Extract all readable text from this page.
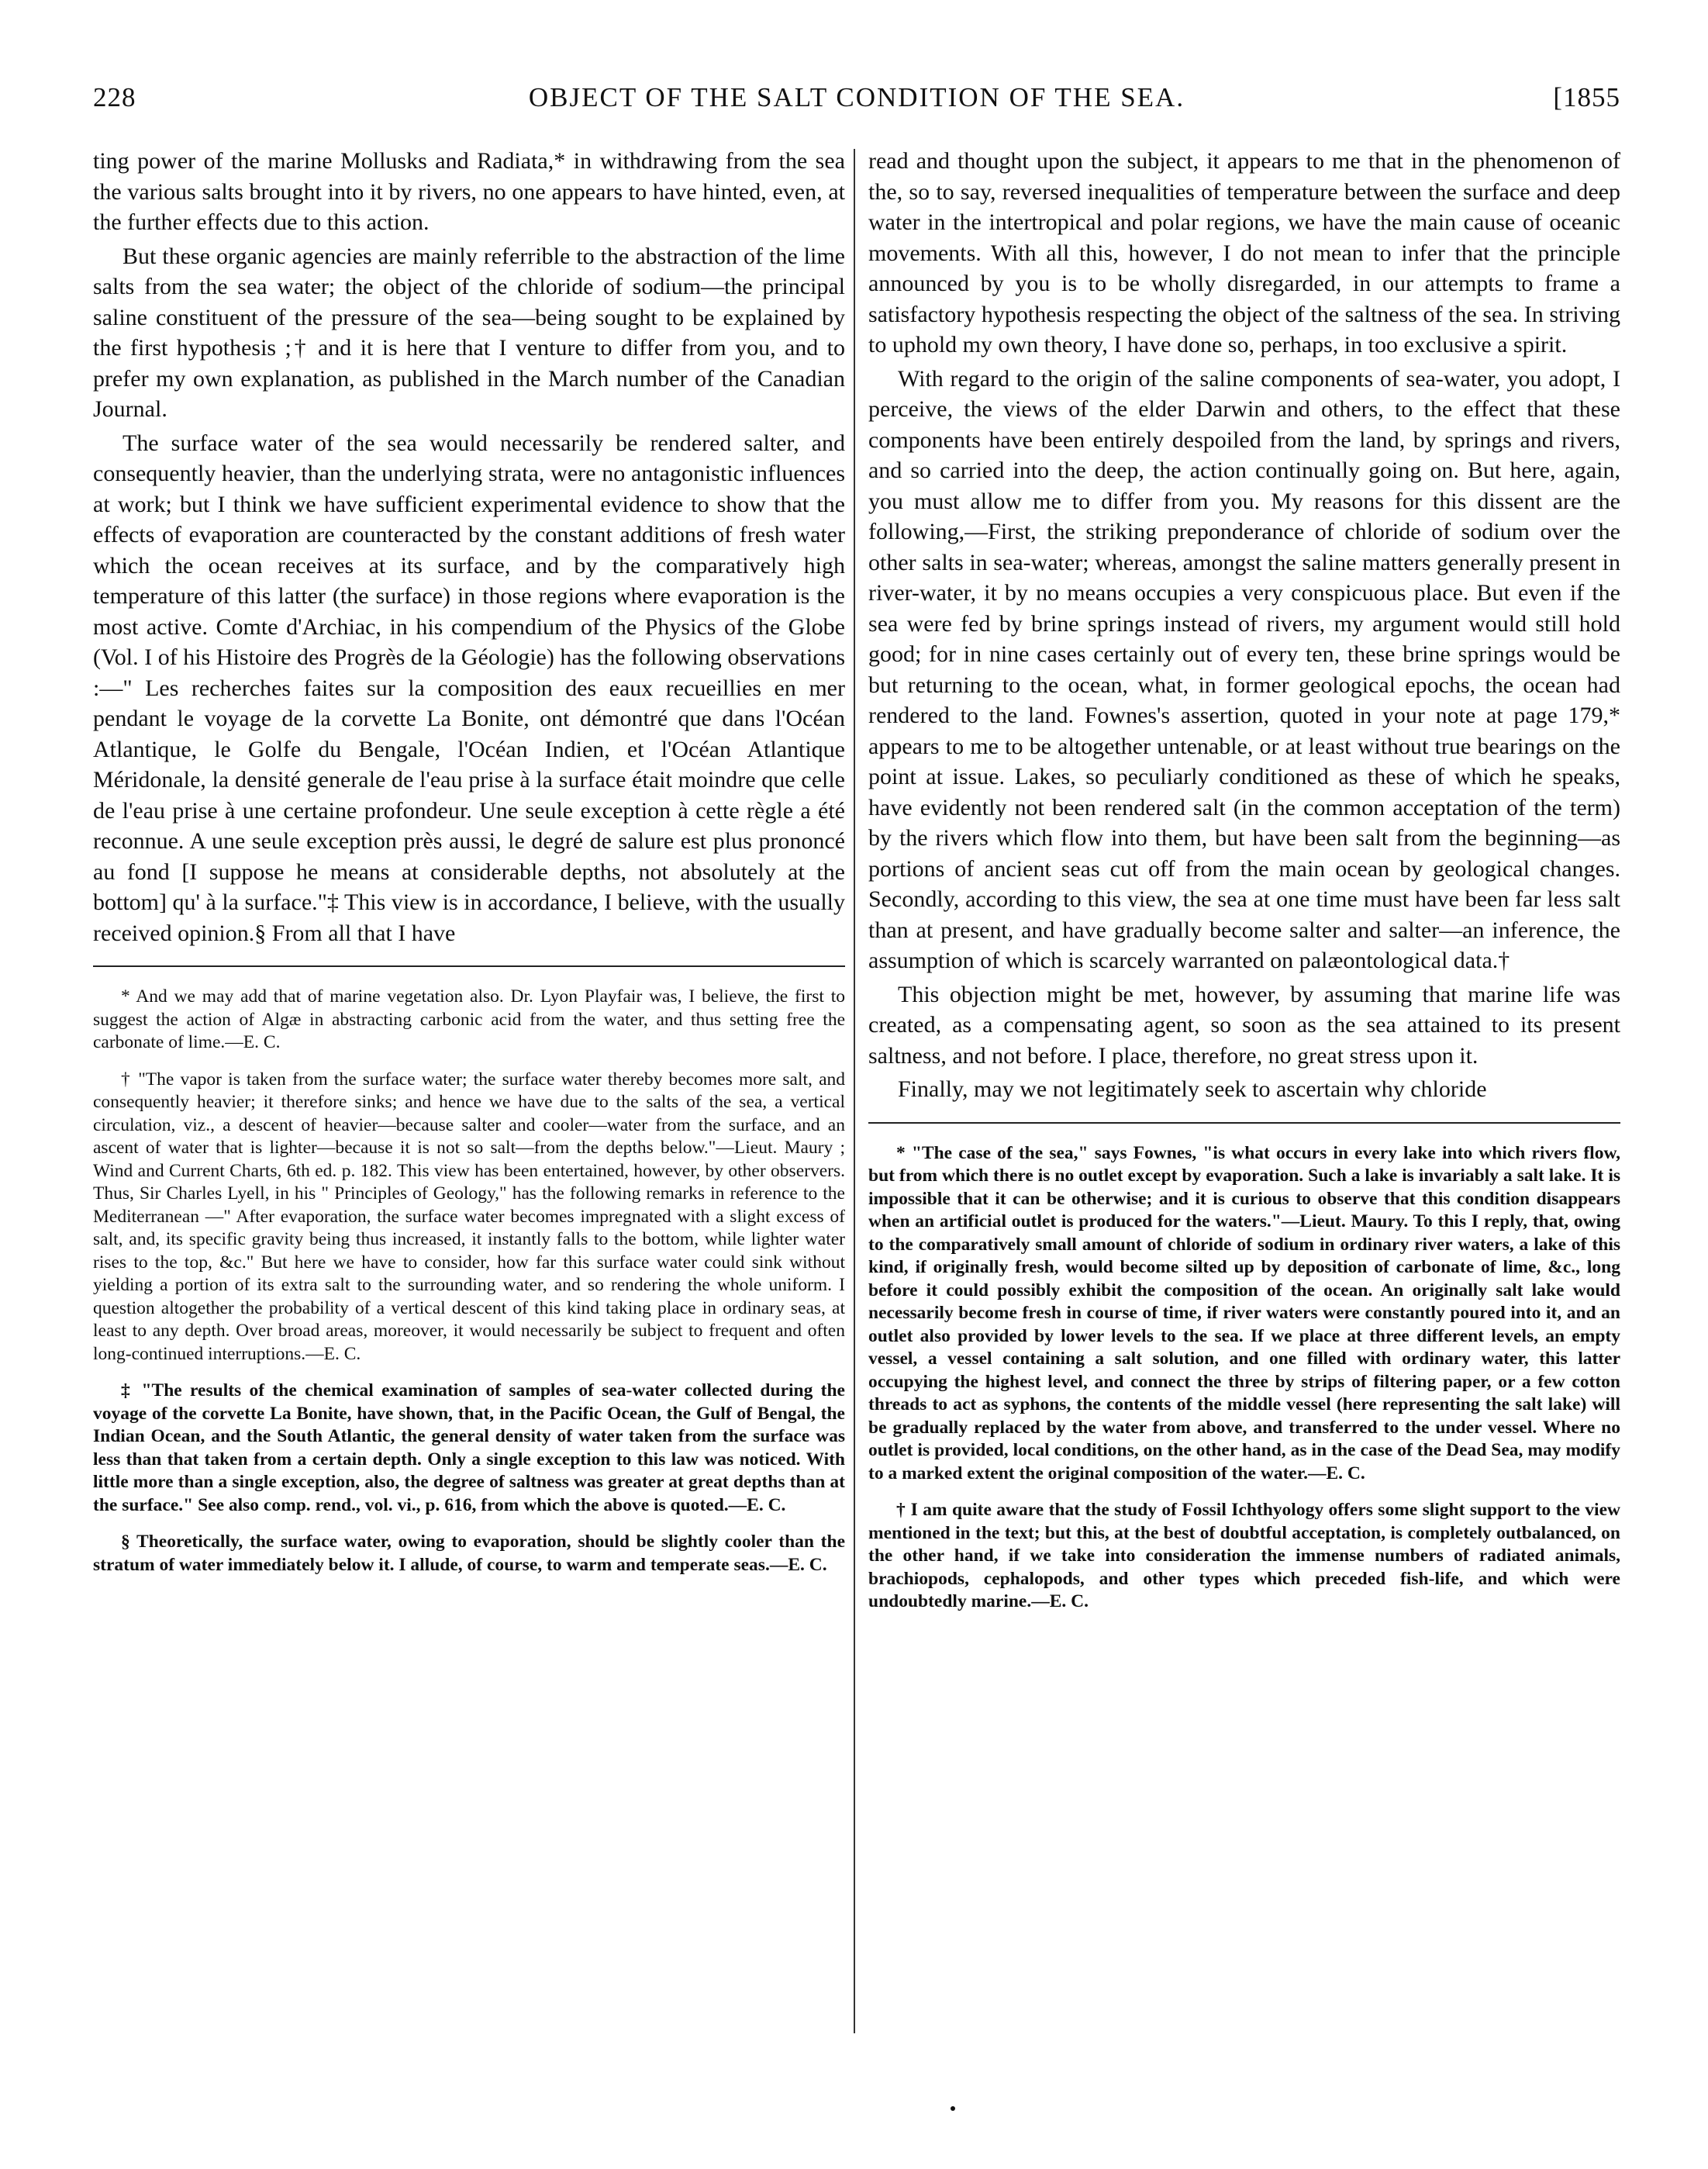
228	OBJECT OF THE SALT CONDITION OF THE SEA.	[1855

ting power of the marine Mollusks and Radiata,* in withdrawing from the sea the various salts brought into it by rivers, no one appears to have hinted, even, at the further effects due to this action.

But these organic agencies are mainly referrible to the abstraction of the lime salts from the sea water; the object of the chloride of sodium—the principal saline constituent of the pressure of the sea—being sought to be explained by the first hypothesis ;† and it is here that I venture to differ from you, and to prefer my own explanation, as published in the March number of the Canadian Journal.

The surface water of the sea would necessarily be rendered salter, and consequently heavier, than the underlying strata, were no antagonistic influences at work; but I think we have sufficient experimental evidence to show that the effects of evaporation are counteracted by the constant additions of fresh water which the ocean receives at its surface, and by the comparatively high temperature of this latter (the surface) in those regions where evaporation is the most active. Comte d'Archiac, in his compendium of the Physics of the Globe (Vol. I of his Histoire des Progrès de la Géologie) has the following observations :—" Les recherches faites sur la composition des eaux recueillies en mer pendant le voyage de la corvette La Bonite, ont démontré que dans l'Océan Atlantique, le Golfe du Bengale, l'Océan Indien, et l'Océan Atlantique Méridonale, la densité generale de l'eau prise à la surface était moindre que celle de l'eau prise à une certaine profondeur. Une seule exception à cette règle a été reconnue. A une seule exception près aussi, le degré de salure est plus prononcé au fond [I suppose he means at considerable depths, not absolutely at the bottom] qu' à la surface."‡ This view is in accordance, I believe, with the usually received opinion.§ From all that I have

* And we may add that of marine vegetation also. Dr. Lyon Playfair was, I believe, the first to suggest the action of Algæ in abstracting carbonic acid from the water, and thus setting free the carbonate of lime.—E. C.

† "The vapor is taken from the surface water; the surface water thereby becomes more salt, and consequently heavier; it therefore sinks; and hence we have due to the salts of the sea, a vertical circulation, viz., a descent of heavier—because salter and cooler—water from the surface, and an ascent of water that is lighter—because it is not so salt—from the depths below."—Lieut. Maury ; Wind and Current Charts, 6th ed. p. 182. This view has been entertained, however, by other observers. Thus, Sir Charles Lyell, in his " Principles of Geology," has the following remarks in reference to the Mediterranean —" After evaporation, the surface water becomes impregnated with a slight excess of salt, and, its specific gravity being thus increased, it instantly falls to the bottom, while lighter water rises to the top, &c." But here we have to consider, how far this surface water could sink without yielding a portion of its extra salt to the surrounding water, and so rendering the whole uniform. I question altogether the probability of a vertical descent of this kind taking place in ordinary seas, at least to any depth. Over broad areas, moreover, it would necessarily be subject to frequent and often long-continued interruptions.—E. C.

‡ "The results of the chemical examination of samples of sea-water collected during the voyage of the corvette La Bonite, have shown, that, in the Pacific Ocean, the Gulf of Bengal, the Indian Ocean, and the South Atlantic, the general density of water taken from the surface was less than that taken from a certain depth. Only a single exception to this law was noticed. With little more than a single exception, also, the degree of saltness was greater at great depths than at the surface." See also comp. rend., vol. vi., p. 616, from which the above is quoted.—E. C.

§ Theoretically, the surface water, owing to evaporation, should be slightly cooler than the stratum of water immediately below it. I allude, of course, to warm and temperate seas.—E. C.

read and thought upon the subject, it appears to me that in the phenomenon of the, so to say, reversed inequalities of temperature between the surface and deep water in the intertropical and polar regions, we have the main cause of oceanic movements. With all this, however, I do not mean to infer that the principle announced by you is to be wholly disregarded, in our attempts to frame a satisfactory hypothesis respecting the object of the saltness of the sea. In striving to uphold my own theory, I have done so, perhaps, in too exclusive a spirit.

With regard to the origin of the saline components of sea-water, you adopt, I perceive, the views of the elder Darwin and others, to the effect that these components have been entirely despoiled from the land, by springs and rivers, and so carried into the deep, the action continually going on. But here, again, you must allow me to differ from you. My reasons for this dissent are the following,—First, the striking preponderance of chloride of sodium over the other salts in sea-water; whereas, amongst the saline matters generally present in river-water, it by no means occupies a very conspicuous place. But even if the sea were fed by brine springs instead of rivers, my argument would still hold good; for in nine cases certainly out of every ten, these brine springs would be but returning to the ocean, what, in former geological epochs, the ocean had rendered to the land. Fownes's assertion, quoted in your note at page 179,* appears to me to be altogether untenable, or at least without true bearings on the point at issue. Lakes, so peculiarly conditioned as these of which he speaks, have evidently not been rendered salt (in the common acceptation of the term) by the rivers which flow into them, but have been salt from the beginning—as portions of ancient seas cut off from the main ocean by geological changes. Secondly, according to this view, the sea at one time must have been far less salt than at present, and have gradually become salter and salter—an inference, the assumption of which is scarcely warranted on palæontological data.†

This objection might be met, however, by assuming that marine life was created, as a compensating agent, so soon as the sea attained to its present saltness, and not before. I place, therefore, no great stress upon it.

Finally, may we not legitimately seek to ascertain why chloride

* "The case of the sea," says Fownes, "is what occurs in every lake into which rivers flow, but from which there is no outlet except by evaporation. Such a lake is invariably a salt lake. It is impossible that it can be otherwise; and it is curious to observe that this condition disappears when an artificial outlet is produced for the waters."—Lieut. Maury. To this I reply, that, owing to the comparatively small amount of chloride of sodium in ordinary river waters, a lake of this kind, if originally fresh, would become silted up by deposition of carbonate of lime, &c., long before it could possibly exhibit the composition of the ocean. An originally salt lake would necessarily become fresh in course of time, if river waters were constantly poured into it, and an outlet also provided by lower levels to the sea. If we place at three different levels, an empty vessel, a vessel containing a salt solution, and one filled with ordinary water, this latter occupying the highest level, and connect the three by strips of filtering paper, or a few cotton threads to act as syphons, the contents of the middle vessel (here representing the salt lake) will be gradually replaced by the water from above, and transferred to the under vessel. Where no outlet is provided, local conditions, on the other hand, as in the case of the Dead Sea, may modify to a marked extent the original composition of the water.—E. C.

† I am quite aware that the study of Fossil Ichthyology offers some slight support to the view mentioned in the text; but this, at the best of doubtful acceptation, is completely outbalanced, on the other hand, if we take into consideration the immense numbers of radiated animals, brachiopods, cephalopods, and other types which preceded fish-life, and which were undoubtedly marine.—E. C.
